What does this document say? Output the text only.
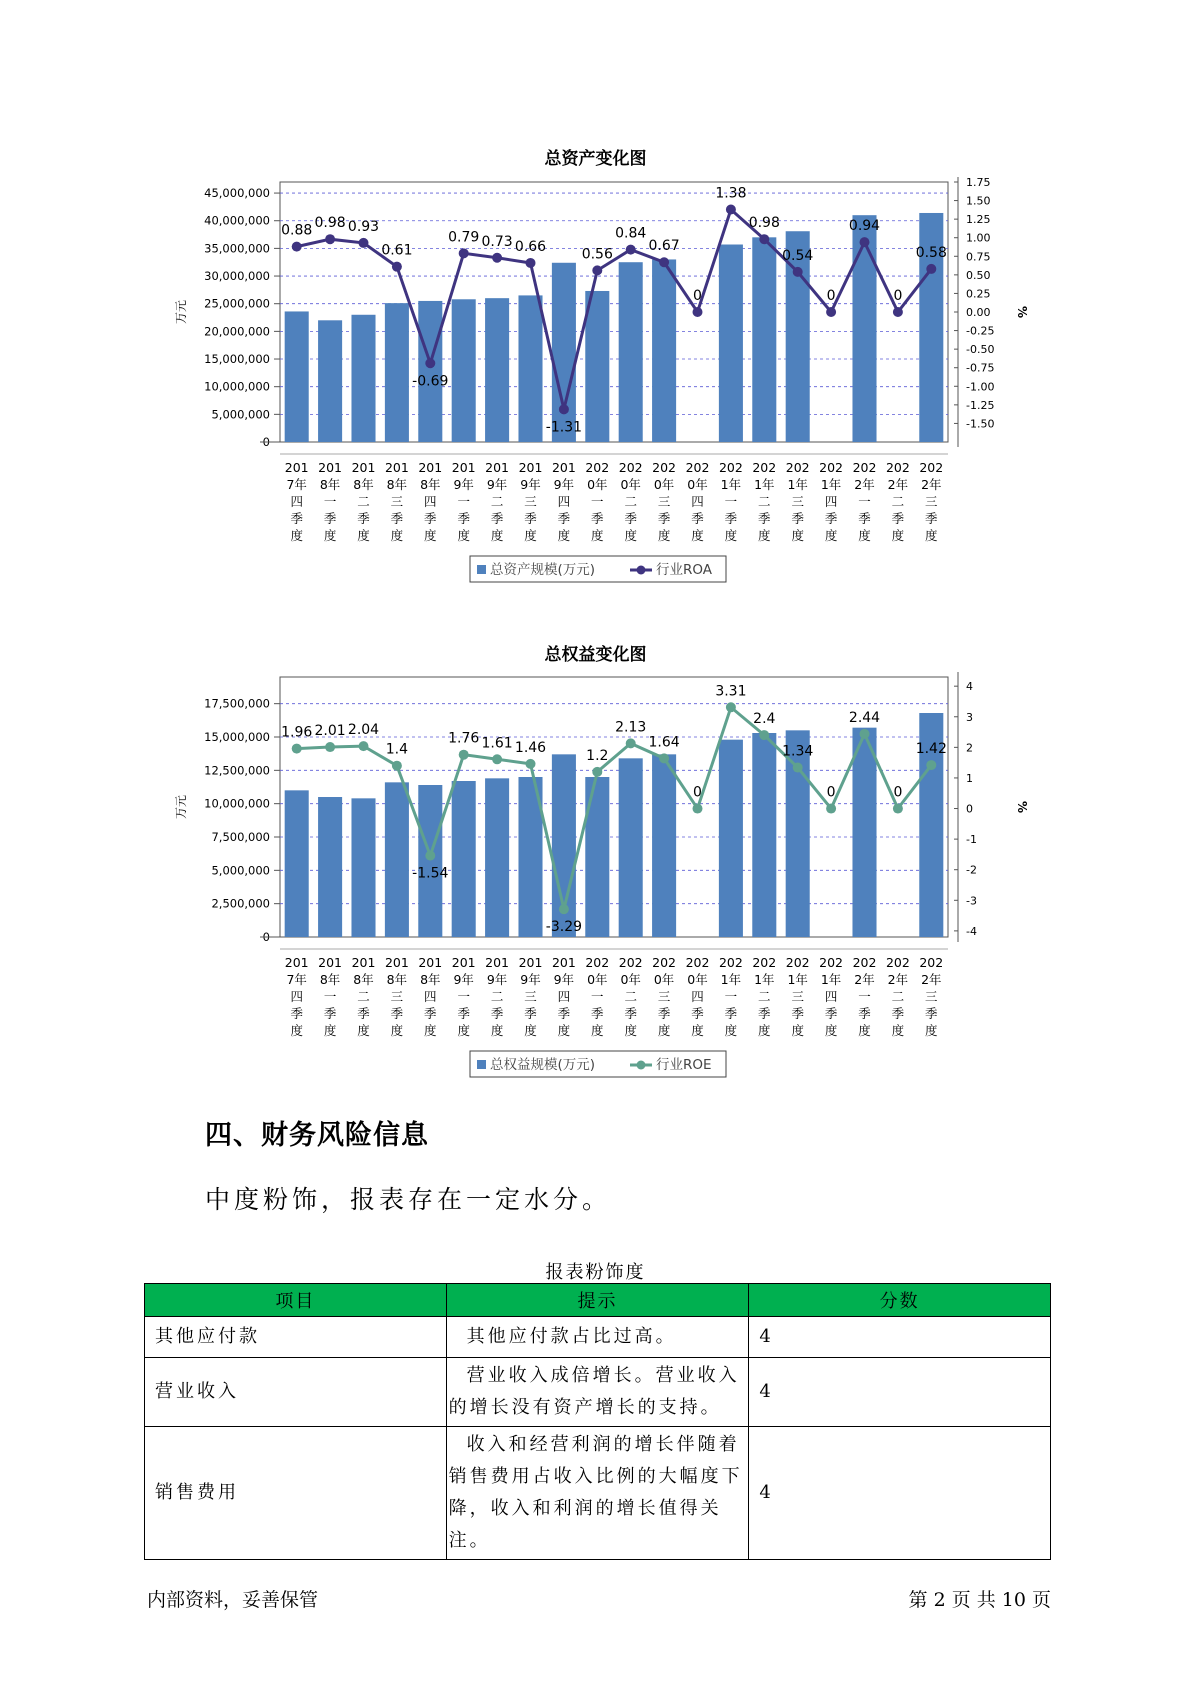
总资产变化图
0
5,000,000
10,000,000
15,000,000
20,000,000
25,000,000
30,000,000
35,000,000
40,000,000
45,000,000
万元
-1.50
-1.25
-1.00
-0.75
-0.50
-0.25
0.00
0.25
0.50
0.75
1.00
1.25
1.50
1.75
%
201
7年
四
季
度
201
8年
一
季
度
201
8年
二
季
度
201
8年
三
季
度
201
8年
四
季
度
201
9年
一
季
度
201
9年
二
季
度
201
9年
三
季
度
201
9年
四
季
度
202
0年
一
季
度
202
0年
二
季
度
202
0年
三
季
度
202
0年
四
季
度
202
1年
一
季
度
202
1年
二
季
度
202
1年
三
季
度
202
1年
四
季
度
202
2年
一
季
度
202
2年
二
季
度
202
2年
三
季
度
0.88 0.98 0.93
0.61
-0.69
0.79 0.73 0.66
-1.31
0.56
0.84
0.67
0
1.38
0.98
0.54
0
0.94
0
0.58
总资产规模(万元)	行业ROA
总权益变化图
0
2,500,000
5,000,000
7,500,000
10,000,000
12,500,000
15,000,000
17,500,000
万元
-4
-3
-2
-1
0
1
2
3
4
%
201
7年
四
季
度
201
8年
一
季
度
201
8年
二
季
度
201
8年
三
季
度
201
8年
四
季
度
201
9年
一
季
度
201
9年
二
季
度
201
9年
三
季
度
201
9年
四
季
度
202
0年
一
季
度
202
0年
二
季
度
202
0年
三
季
度
202
0年
四
季
度
202
1年
一
季
度
202
1年
二
季
度
202
1年
三
季
度
202
1年
四
季
度
202
2年
一
季
度
202
2年
二
季
度
202
2年
三
季
度
1.96 2.01 2.04
1.4
-1.54
1.76 1.61 1.46
-3.29
1.2
2.13
1.64
0
3.31
2.4
1.34
0
2.44
0
1.42
总权益规模(万元)	行业ROE
四、财务风险信息
中度粉饰，报表存在一定水分。
报表粉饰度
项目	提示	分数
其他应付款	其他应付款占比过高。	4
营业收入	营业收入成倍增长。营业收入的增长没有资产增长的支持。	4
销售费用	收入和经营利润的增长伴随着销售费用占收入比例的大幅度下降，收入和利润的增长值得关注。	4
内部资料，妥善保管	第 2 页 共 10 页
